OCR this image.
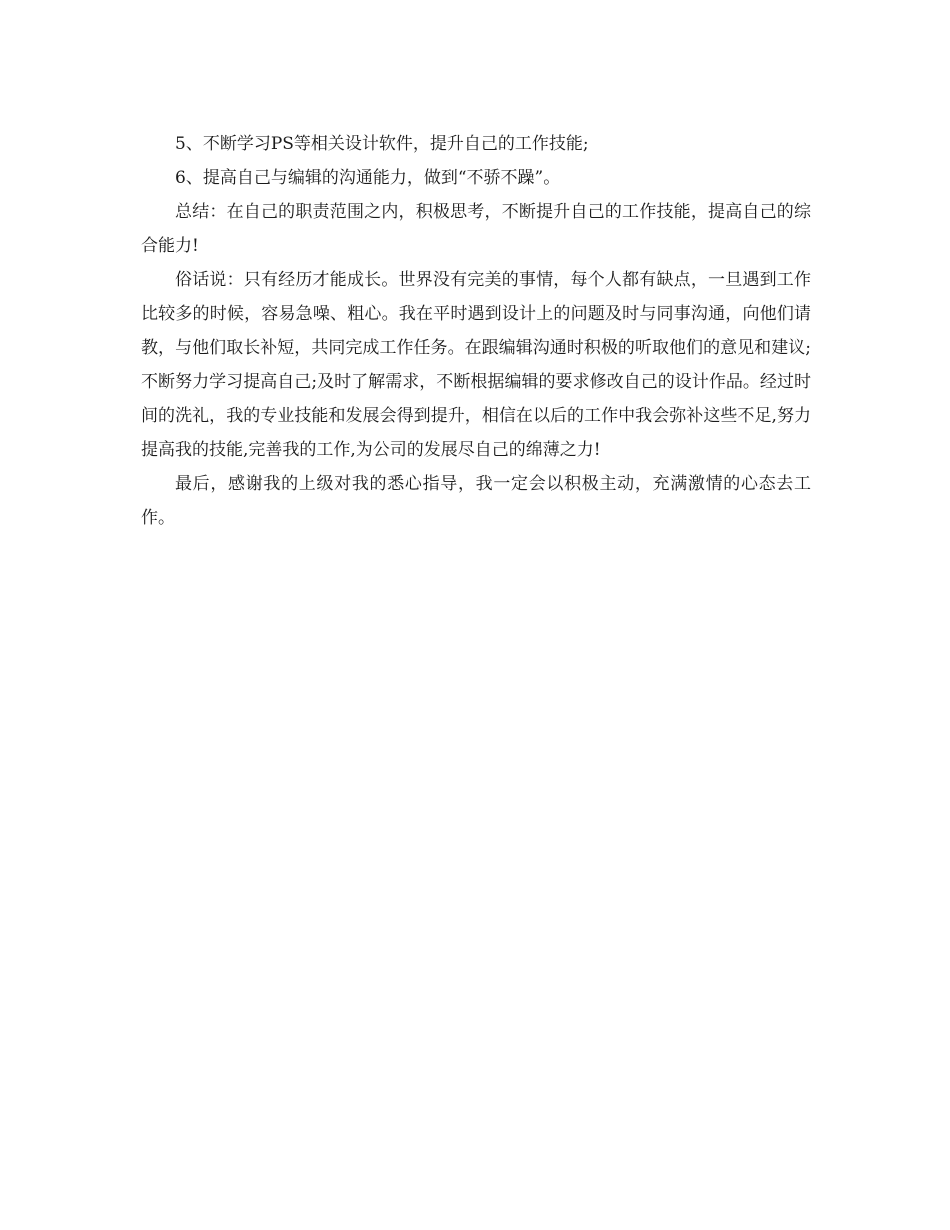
5、不断学习PS等相关设计软件，提升自己的工作技能;

6、提高自己与编辑的沟通能力，做到“不骄不躁”。

总结：在自己的职责范围之内，积极思考，不断提升自己的工作技能，提高自己的综合能力!

俗话说：只有经历才能成长。世界没有完美的事情，每个人都有缺点，一旦遇到工作比较多的时候，容易急噪、粗心。我在平时遇到设计上的问题及时与同事沟通，向他们请教，与他们取长补短，共同完成工作任务。在跟编辑沟通时积极的听取他们的意见和建议;不断努力学习提高自己;及时了解需求，不断根据编辑的要求修改自己的设计作品。经过时间的洗礼，我的专业技能和发展会得到提升，相信在以后的工作中我会弥补这些不足,努力提高我的技能,完善我的工作,为公司的发展尽自己的绵薄之力!

最后，感谢我的上级对我的悉心指导，我一定会以积极主动，充满激情的心态去工作。
